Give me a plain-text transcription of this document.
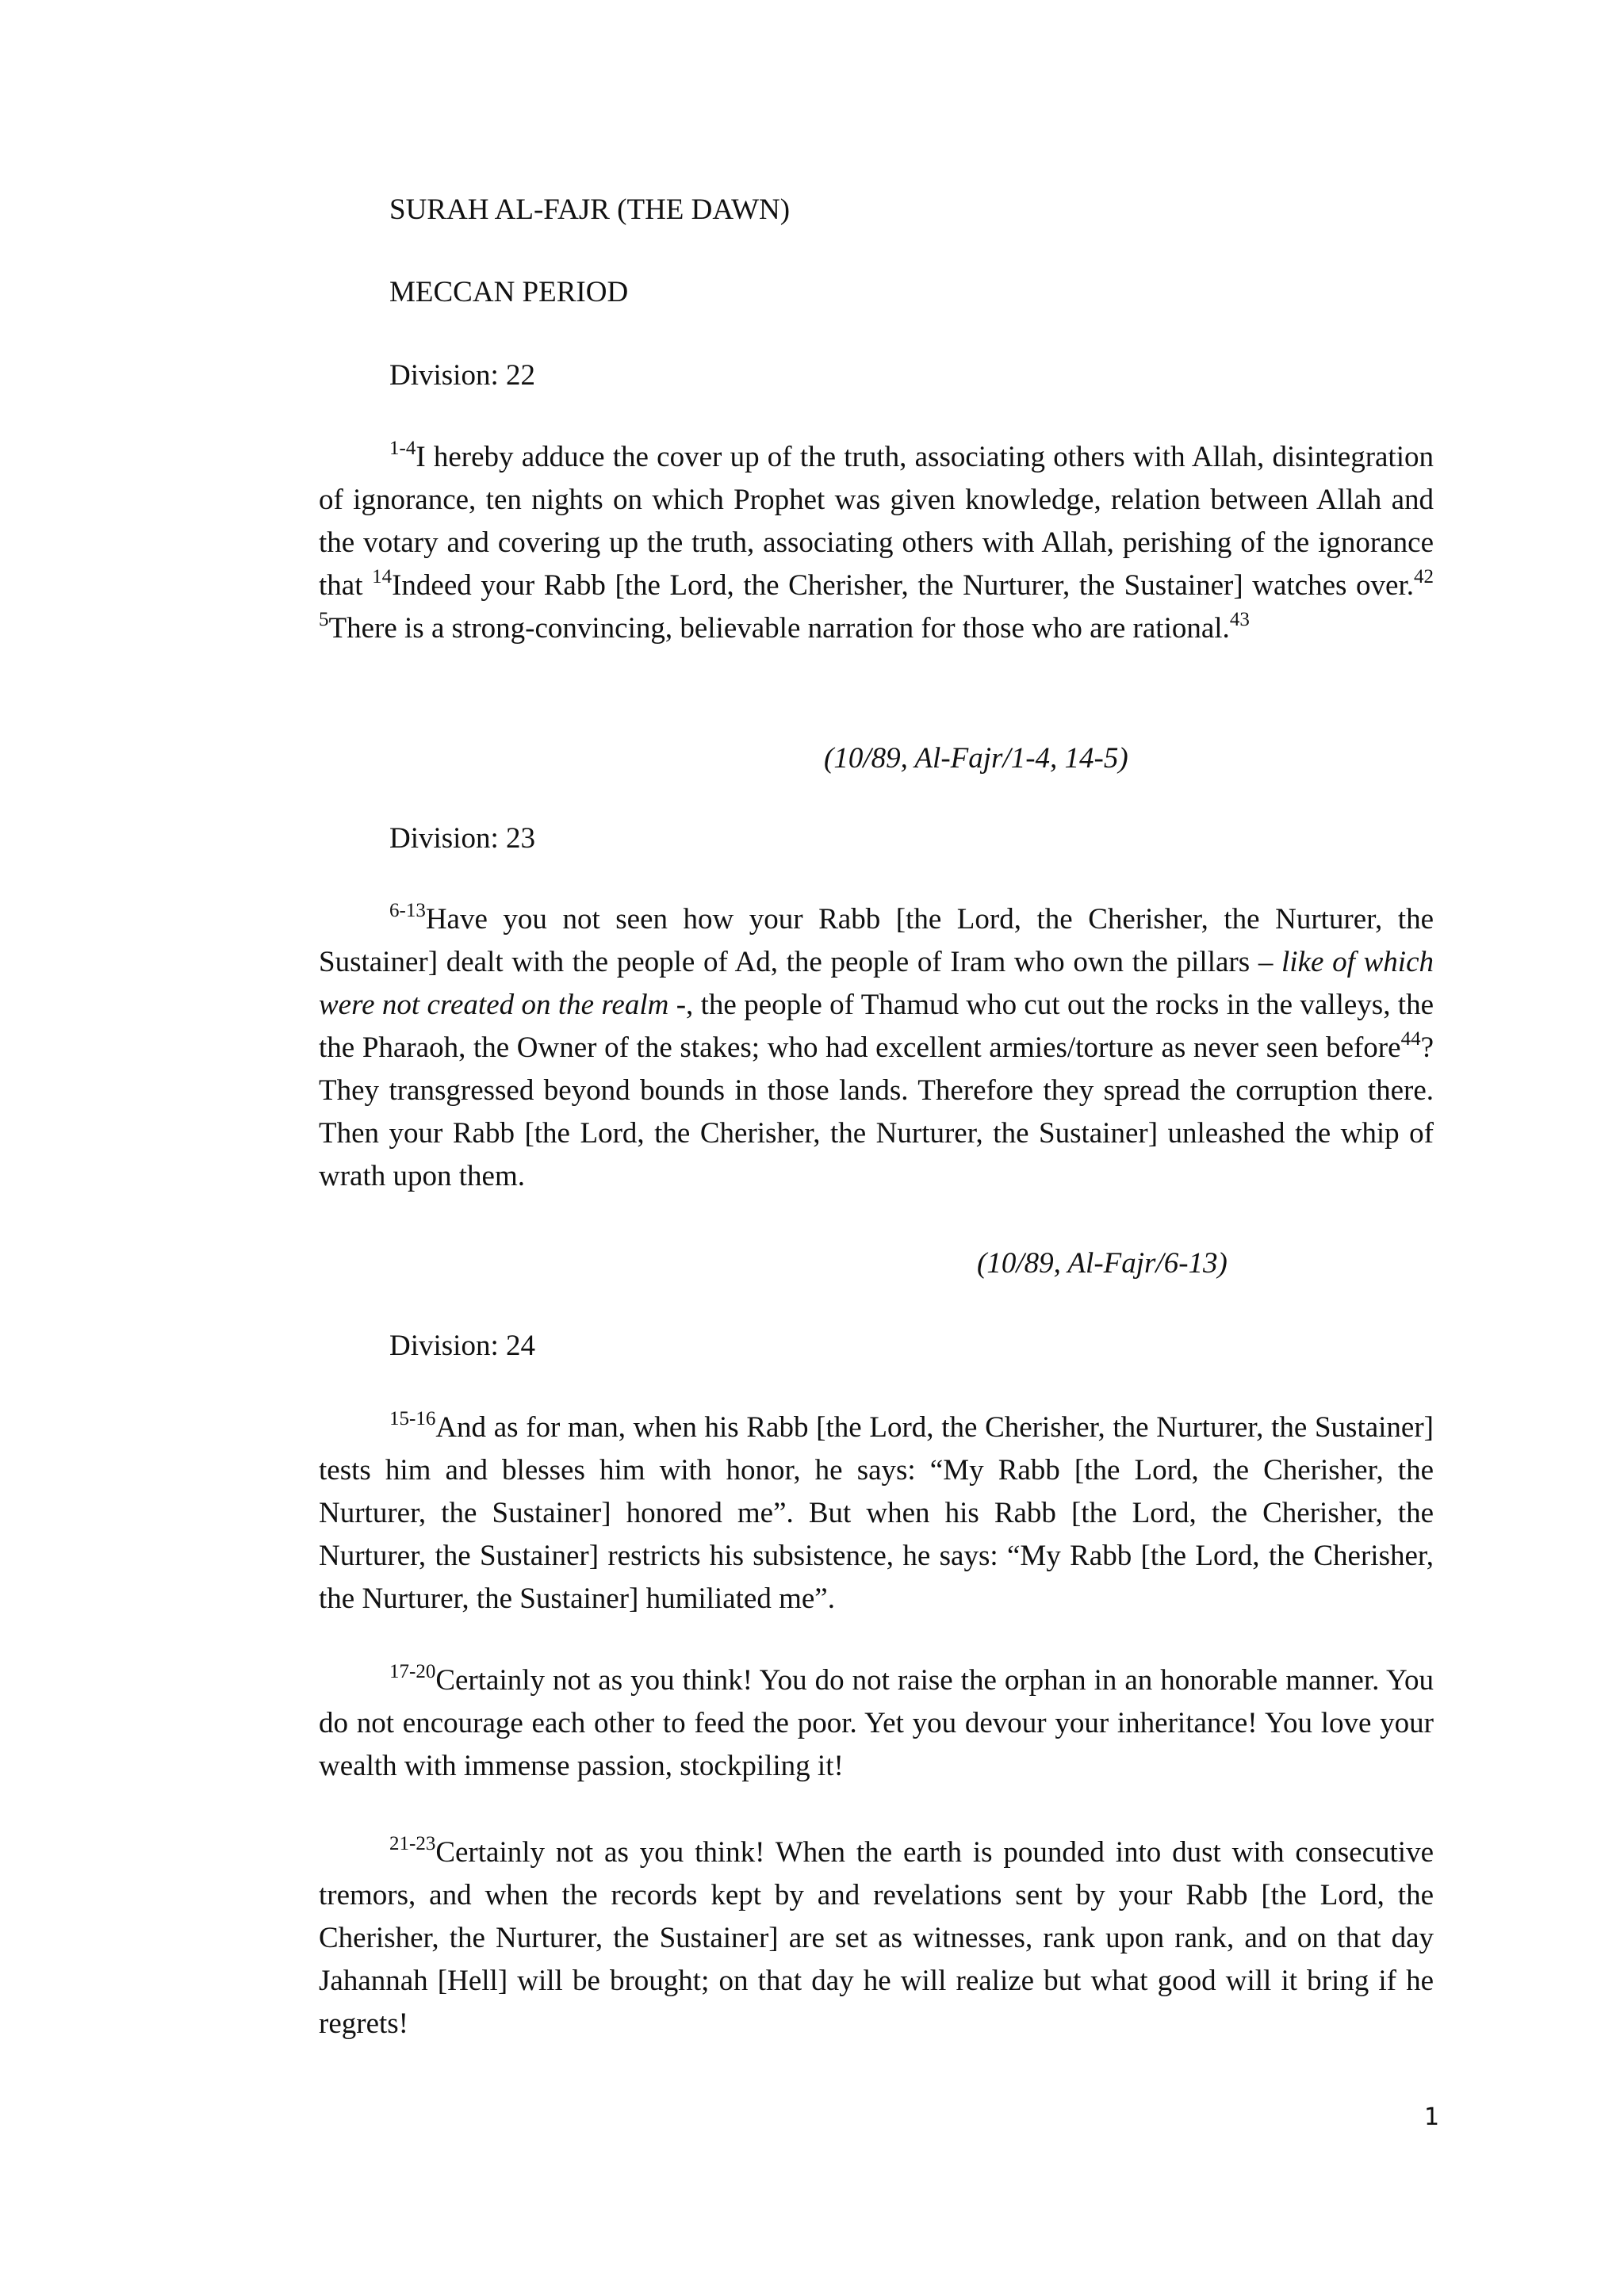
SURAH AL-FAJR (THE DAWN)

MECCAN PERIOD

Division: 22

$^{1-4}$I hereby adduce the cover up of the truth, associating others with Allah, disintegration of ignorance, ten nights on which Prophet was given knowledge, relation between Allah and the votary and covering up the truth, associating others with Allah, perishing of the ignorance that $^{14}$Indeed your Rabb [the Lord, the Cherisher, the Nurturer, the Sustainer] watches over.$^{42}$ $^5$There is a strong-convincing, believable narration for those who are rational.$^{43}$

(10/89, Al-Fajr/1-4, 14-5)

Division: 23

$^{6-13}$Have you not seen how your Rabb [the Lord, the Cherisher, the Nurturer, the Sustainer] dealt with the people of Ad, the people of Iram who own the pillars – like of which were not created on the realm -, the people of Thamud who cut out the rocks in the valleys, the the Pharaoh, the Owner of the stakes; who had excellent armies/torture as never seen before$^{44}$? They transgressed beyond bounds in those lands. Therefore they spread the corruption there. Then your Rabb [the Lord, the Cherisher, the Nurturer, the Sustainer] unleashed the whip of wrath upon them.

(10/89, Al-Fajr/6-13)

Division: 24

$^{15-16}$And as for man, when his Rabb [the Lord, the Cherisher, the Nurturer, the Sustainer] tests him and blesses him with honor, he says: “My Rabb [the Lord, the Cherisher, the Nurturer, the Sustainer] honored me”. But when his Rabb [the Lord, the Cherisher, the Nurturer, the Sustainer] restricts his subsistence, he says: “My Rabb [the Lord, the Cherisher, the Nurturer, the Sustainer] humiliated me”.

$^{17-20}$Certainly not as you think! You do not raise the orphan in an honorable manner. You do not encourage each other to feed the poor. Yet you devour your inheritance! You love your wealth with immense passion, stockpiling it!

$^{21-23}$Certainly not as you think! When the earth is pounded into dust with consecutive tremors, and when the records kept by and revelations sent by your Rabb [the Lord, the Cherisher, the Nurturer, the Sustainer] are set as witnesses, rank upon rank, and on that day Jahannah [Hell] will be brought; on that day he will realize but what good will it bring if he regrets!

1
